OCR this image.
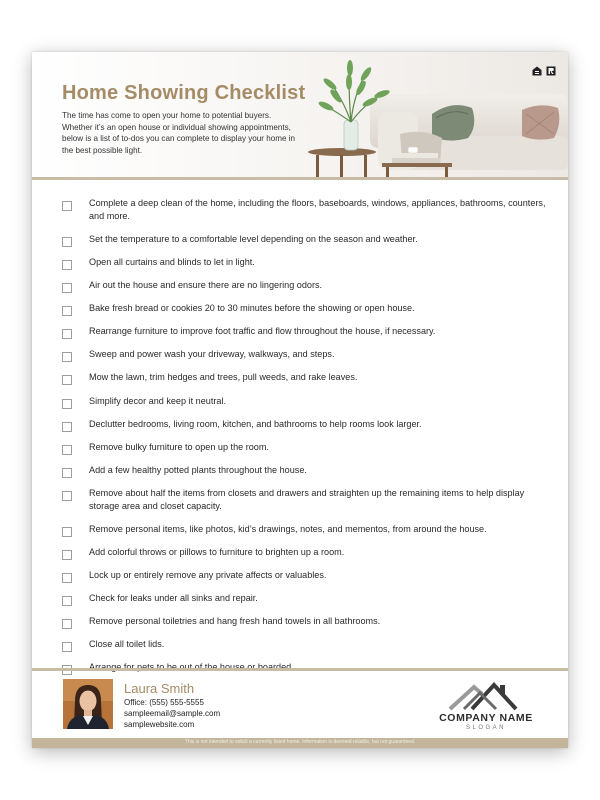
Home Showing Checklist

The time has come to open your home to potential buyers. Whether it’s an open house or individual showing appointments, below is a list of to-dos you can complete to display your home in the best possible light.

Complete a deep clean of the home, including the floors, baseboards, windows, appliances, bathrooms, counters, and more.
Set the temperature to a comfortable level depending on the season and weather.
Open all curtains and blinds to let in light.
Air out the house and ensure there are no lingering odors.
Bake fresh bread or cookies 20 to 30 minutes before the showing or open house.
Rearrange furniture to improve foot traffic and flow throughout the house, if necessary.
Sweep and power wash your driveway, walkways, and steps.
Mow the lawn, trim hedges and trees, pull weeds, and rake leaves.
Simplify decor and keep it neutral.
Declutter bedrooms, living room, kitchen, and bathrooms to help rooms look larger.
Remove bulky furniture to open up the room.
Add a few healthy potted plants throughout the house.
Remove about half the items from closets and drawers and straighten up the remaining items to help display storage area and closet capacity.
Remove personal items, like photos, kid’s drawings, notes, and mementos, from around the house.
Add colorful throws or pillows to furniture to brighten up a room.
Lock up or entirely remove any private affects or valuables.
Check for leaks under all sinks and repair.
Remove personal toiletries and hang fresh hand towels in all bathrooms.
Close all toilet lids.

Laura Smith

Office: (555) 555-5555

sampleemail@sample.com

samplewebsite.com

COMPANY NAME

SLOGAN

This is not intended to solicit a currently listed home. Information is deemed reliable, but not guaranteed.
